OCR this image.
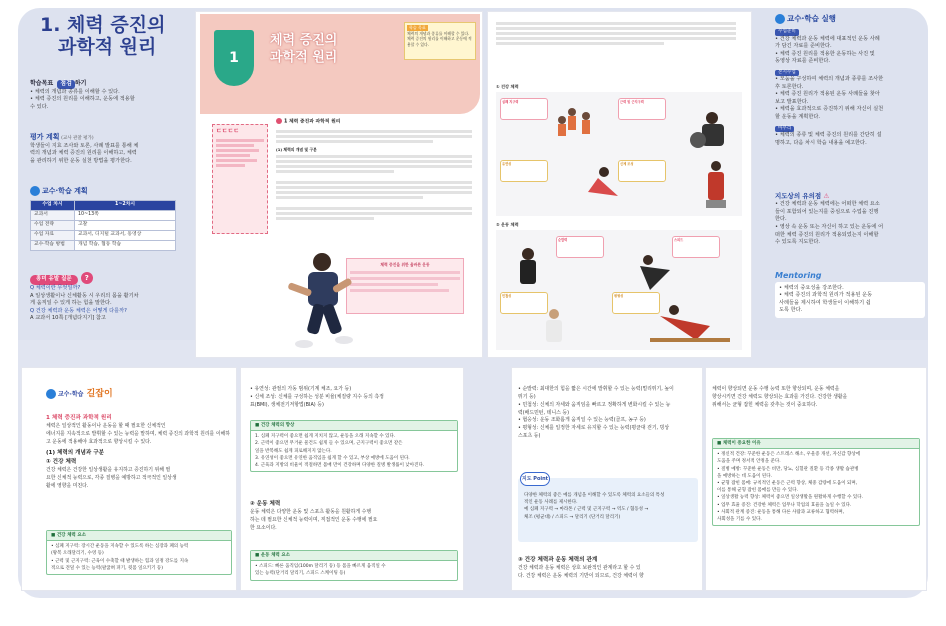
1. 체력 증진의
과학적 원리
학습목표 점검 하기
• 체력의 개념과 종류를 이해할 수 있다.
• 체력 증진의 원리를 이해하고, 운동에 적용할
수 있다.
평가 계획 (교사 관찰 평가)
학생들이 지효 조사와 토론, 사례 발표를 통해 체
력의 개념과 체력 증진의 원리를 이해하고, 체력
을 관리하기 위한 운동 실천 방법을 평가한다.
교수·학습 계획
수업 차시	1~2차시
교과서	10~13쪽
수업 전략	고찰
수업 자료	교과서, 디지털 교과서, 동영상
교수·학습 방법	개념 학습, 협동 학습
흥미 유발 질문 ?
Q 체력이란 무엇일까?
A 일상생활이나 신체활동 시 우리의 몸을 활기차
게 움직일 수 있게 하는 힘을 말한다.
Q 건강 체력과 운동 체력은 어떻게 다를까?
A 교과서 10쪽 [개념다지기] 참고
1
체력 증진의
과학적 원리
학습 목표
체력의 개념과 종류를 이해할 수 있다. 체력 증진의 원리를 이해하고 운동에 적용할 수 있다.
ㄷㄷㄷㄷ
1 체력 증진과 과학적 원리
(1) 체력의 개념 및 구분
체력 증진을 위한 올바른 운동
① 건강 체력
심폐 지구력	근력 및 근지구력
유연성	신체 조성
② 운동 체력
순발력	스피드
민첩성	평형성
교수·학습 실행
수업준비
• 건강 체력과 운동 체력에 대표적인 운동 사례
가 담긴 자료를 준비한다.
• 체력 증진 원리를 적용한 운동하는 사진 및
동영상 자료를 준비한다.
본시수업
• 모둠을 구성하여 체력의 개념과 종류를 조사한
후 토론한다.
• 체력 증진 원리가 적용된 운동 사례들을 찾아
보고 발표한다.
• 체력을 효과적으로 증진하기 위해 자신이 실천
할 운동을 계획한다.
마무리
• 체력의 종류 및 체력 증진의 원리를 간단히 설
명하고, 다음 차시 학습 내용을 예고한다.
지도상의 유의점 ⚠
• 건강 체력과 운동 체력에는 어떠한 체력 요소
들이 포함되어 있는지를 중심으로 수업을 진행
한다.
• 영상 속 운동 또는 자신이 하고 있는 운동에 어
떠한 체력 증진의 원리가 적용되었는지 이해할
수 있도록 지도한다.
Mentoring
• 체력의 중요성을 강조한다.
• 체력 증진의 과학적 원리가 적용된 운동
사례들을 제시하여 학생들이 이해하기 쉽
도록 한다.
교수·학습 길잡이
1 체력 증진과 과학적 원리
체력은 일상적인 활동이나 운동을 할 때 필요한 신체적인
에너지를 지속적으로 발휘할 수 있는 능력을 말하며, 체력 증진의 과학적 원리를 이해하
고 운동에 적용해야 효과적으로 향상시킬 수 있다.
(1) 체력의 개념과 구분
① 건강 체력
건강 체력은 건강한 일상생활을 유지하고 증진하기 위해 필
요한 신체적 능력으로, 각종 질병을 예방하고 적극적인 일상생
활에 영향을 미친다.
■ 건강 체력 요소
• 심폐 지구력: 장시간 운동을 지속할 수 있도록 하는 심장과 폐의 능력
(왕복 오래달리기, 수영 등)
• 근력 및 근지구력: 근육이 수축할 때 발생하는 힘과 일정 강도를 지속
적으로 견딜 수 있는 능력(팔굽혀 펴기, 윗몸 일으키기 등)
• 유연성: 관절의 가동 범위(기계 체조, 요가 등)
• 신체 조성: 신체를 구성하는 성분 비율(체질량 지수 등의 측정
표(BMI), 생체전기저항법(BIA) 등)
■ 건강 체력의 향상
1. 심폐 지구력이 좋으면 쉽게 지치지 않고, 운동을 오래 지속할 수 있다.
2. 근력이 좋으면 무거운 물건도 쉽게 들 수 있으며, 근지구력이 좋으면 같은
일을 반복해도 쉽게 피로해지지 않는다.
3. 유연성이 좋으면 유연한 움직임을 쉽게 할 수 있고, 부상 예방에 도움이 된다.
4. 근육과 지방의 비율이 적절하면 몸매 만이 건강하며 다양한 질병 발생률이 낮아진다.
② 운동 체력
운동 체력은 다양한 운동 및 스포츠 활동을 원활하게 수행
하는 데 필요한 신체적 능력이며, 직접적인 운동 수행에 필요
한 요소이다.
■ 운동 체력 요소
• 스피드: 빠른 움직임(100m 달리기 등) 등 몸을 빠르게 움직일 수
있는 능력(단거리 달리기, 스피드 스케이팅 등)
• 순발력: 최대한의 힘을 짧은 시간에 발휘할 수 있는 능력(멀리뛰기, 높이
뛰기 등)
• 민첩성: 신체의 자세와 움직임을 빠르고 정확하게 변화시킬 수 있는 능
력(배드민턴, 테니스 등)
• 협응성: 운동 조화롭게 움직일 수 있는 능력(골프, 농구 등)
• 평형성: 신체를 일정한 자세로 유지할 수 있는 능력(평균대 걷기, 빙상
스포츠 등)
다양한 체력의 좋은 예를 개념을 이해할 수 있도록 체력의 요소들의 특성
적인 운동 사례를 제시한다.
예 심폐 지구력 → 마라톤 / 근력 및 근지구력 → 역도 / 협동성 →
체조 (평균대) / 스피드 → 달리기 (단거리 달리기)
지도 Point
③ 건강 체력과 운동 체력의 관계
건강 체력과 운동 체력은 상호 보완적인 관계라고 할 수 있
다. 건강 체력은 운동 체력의 기반이 되므로, 건강 체력이 향
체력이 향상되면 운동 수행 능력 또한 향상되며, 운동 체력을
향상시키면 건강 체력도 향상되는 효과를 가진다. 건강한 생활을
위해서는 균형 잡힌 체력을 갖추는 것이 중요하다.
■ 체력이 중요한 이유
• 정신적 건강: 꾸준한 운동은 스트레스 해소, 우울증 개선, 자신감 향상에
도움을 주며 정서적 안정을 준다.
• 질병 예방: 꾸준한 운동은 비만, 당뇨, 심혈관 질환 등 각종 생활 습관병
을 예방하는 데 도움이 된다.
• 균형 잡힌 몸매: 규칙적인 운동은 근력 향상, 체중 감량에 도움이 되며,
이를 통해 균형 잡힌 몸매를 만들 수 있다.
• 일상생활 능력 향상: 체력이 좋으면 일상생활을 원활하게 수행할 수 있다.
• 업무 효율 증진: 건강한 체력은 업무나 학업의 효율을 높일 수 있다.
• 사회적 관계 증진: 운동을 통해 다른 사람과 교류하고 협력하며,
사회성을 기를 수 있다.
